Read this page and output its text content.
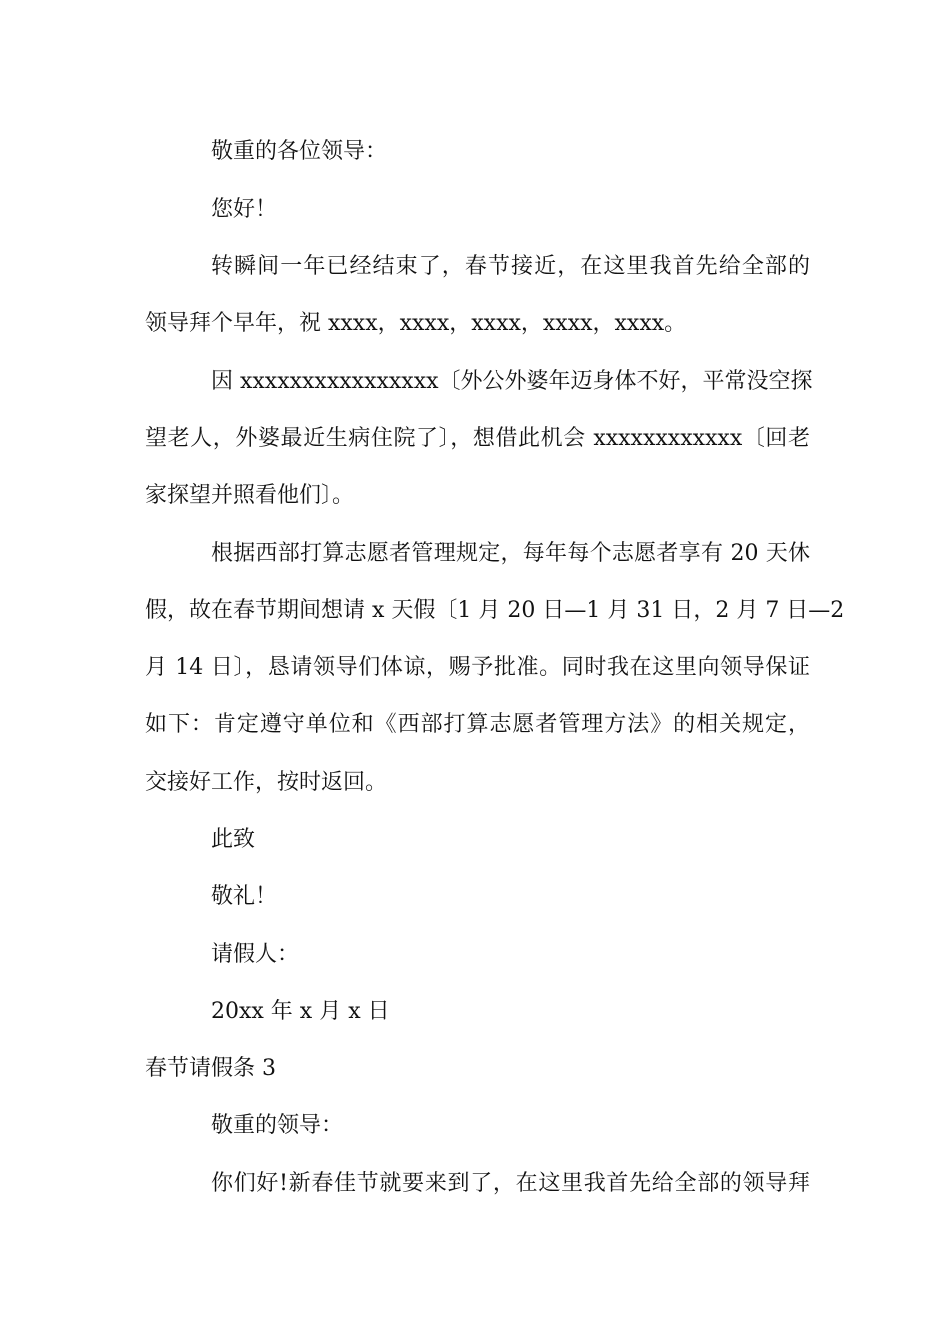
敬重的各位领导：
您好！
转瞬间一年已经结束了，春节接近，在这里我首先给全部的
领导拜个早年，祝 xxxx，xxxx，xxxx，xxxx，xxxx。
因 xxxxxxxxxxxxxxxx〔外公外婆年迈身体不好，平常没空探
望老人，外婆最近生病住院了〕，想借此机会 xxxxxxxxxxxx〔回老
家探望并照看他们〕。
根据西部打算志愿者管理规定，每年每个志愿者享有 20 天休
假，故在春节期间想请 x 天假〔1 月 20 日—1 月 31 日，2 月 7 日—2
月 14 日〕，恳请领导们体谅，赐予批准。同时我在这里向领导保证
如下：肯定遵守单位和《西部打算志愿者管理方法》的相关规定，
交接好工作，按时返回。
此致
敬礼！
请假人：
20xx 年 x 月 x 日
春节请假条 3
敬重的领导：
你们好!新春佳节就要来到了，在这里我首先给全部的领导拜
